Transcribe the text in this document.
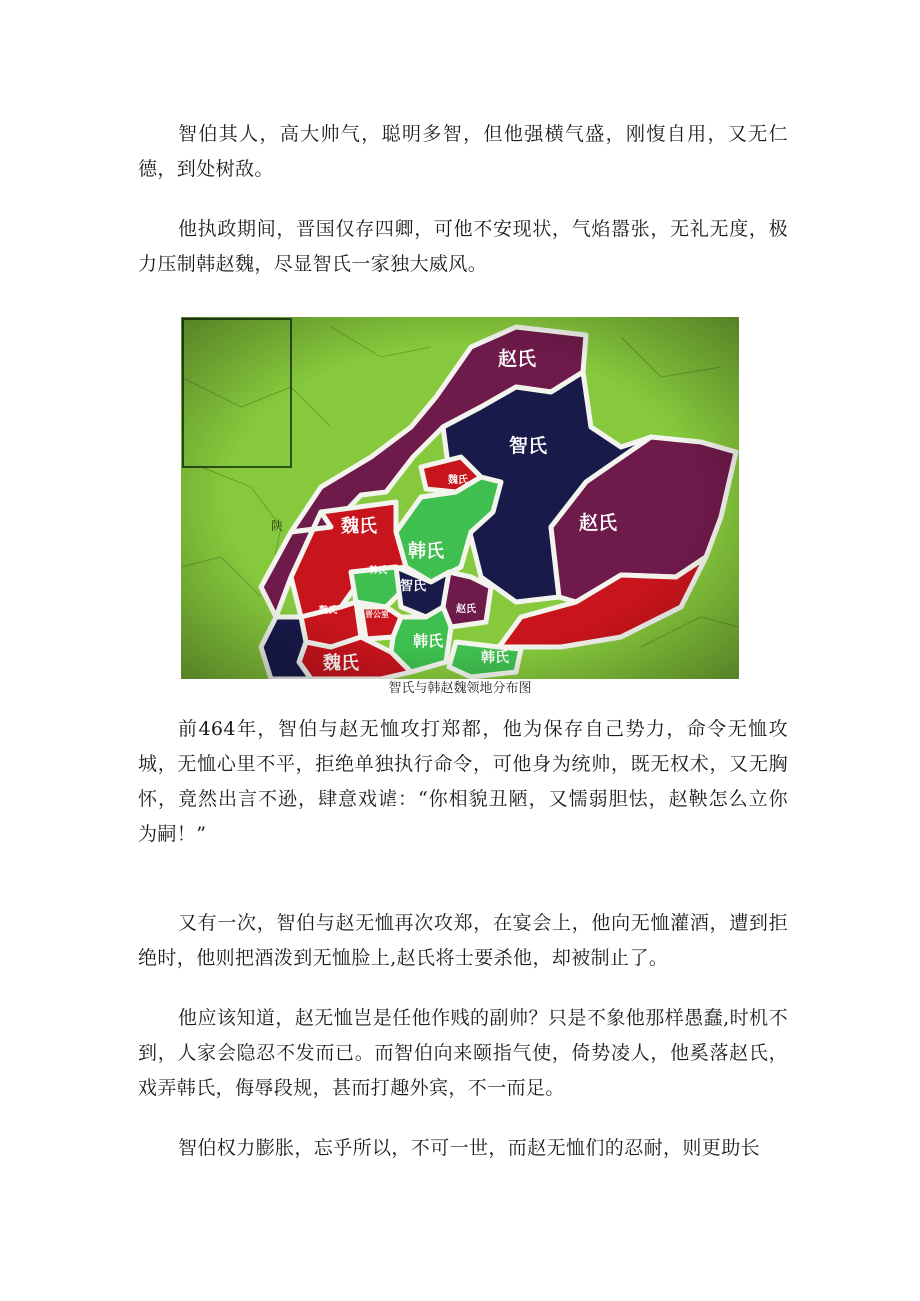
智伯其人，高大帅气，聪明多智，但他强横气盛，刚愎自用，又无仁德，到处树敌。

他执政期间，晋国仅存四卿，可他不安现状，气焰嚣张，无礼无度，极力压制韩赵魏，尽显智氏一家独大威风。

智氏与韩赵魏领地分布图

前464年，智伯与赵无恤攻打郑都，他为保存自己势力，命令无恤攻城，无恤心里不平，拒绝单独执行命令，可他身为统帅，既无权术，又无胸怀，竟然出言不逊，肆意戏谑：“你相貌丑陋，又懦弱胆怯，赵鞅怎么立你为嗣！”

又有一次，智伯与赵无恤再次攻郑，在宴会上，他向无恤灌酒，遭到拒绝时，他则把酒泼到无恤脸上,赵氏将士要杀他，却被制止了。

他应该知道，赵无恤岂是任他作贱的副帅？只是不象他那样愚蠢,时机不到，人家会隐忍不发而已。而智伯向来颐指气使，倚势凌人，他奚落赵氏，戏弄韩氏，侮辱段规，甚而打趣外宾，不一而足。

智伯权力膨胀，忘乎所以，不可一世，而赵无恤们的忍耐，则更助长
